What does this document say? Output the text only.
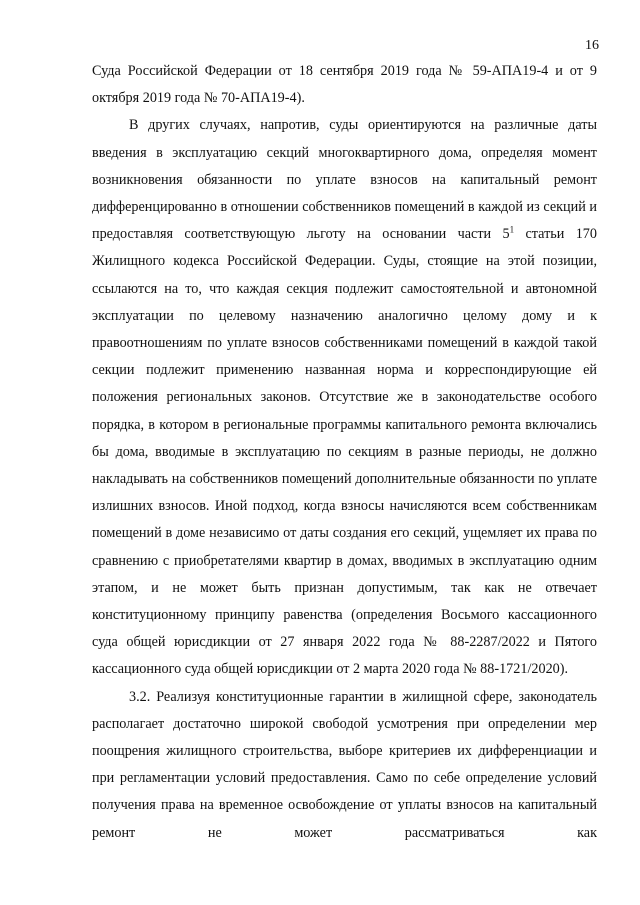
16

Суда Российской Федерации от 18 сентября 2019 года № 59-АПА19-4 и от 9 октября 2019 года № 70-АПА19-4).

В других случаях, напротив, суды ориентируются на различные даты введения в эксплуатацию секций многоквартирного дома, определяя момент возникновения обязанности по уплате взносов на капитальный ремонт дифференцированно в отношении собственников помещений в каждой из секций и предоставляя соответствующую льготу на основании части 5$^1$ статьи 170 Жилищного кодекса Российской Федерации. Суды, стоящие на этой позиции, ссылаются на то, что каждая секция подлежит самостоятельной и автономной эксплуатации по целевому назначению аналогично целому дому и к правоотношениям по уплате взносов собственниками помещений в каждой такой секции подлежит применению названная норма и корреспондирующие ей положения региональных законов. Отсутствие же в законодательстве особого порядка, в котором в региональные программы капитального ремонта включались бы дома, вводимые в эксплуатацию по секциям в разные периоды, не должно накладывать на собственников помещений дополнительные обязанности по уплате излишних взносов. Иной подход, когда взносы начисляются всем собственникам помещений в доме независимо от даты создания его секций, ущемляет их права по сравнению с приобретателями квартир в домах, вводимых в эксплуатацию одним этапом, и не может быть признан допустимым, так как не отвечает конституционному принципу равенства (определения Восьмого кассационного суда общей юрисдикции от 27 января 2022 года № 88-2287/2022 и Пятого кассационного суда общей юрисдикции от 2 марта 2020 года № 88-1721/2020).

3.2. Реализуя конституционные гарантии в жилищной сфере, законодатель располагает достаточно широкой свободой усмотрения при определении мер поощрения жилищного строительства, выборе критериев их дифференциации и при регламентации условий предоставления. Само по себе определение условий получения права на временное освобождение от уплаты взносов на капитальный ремонт не может рассматриваться как
